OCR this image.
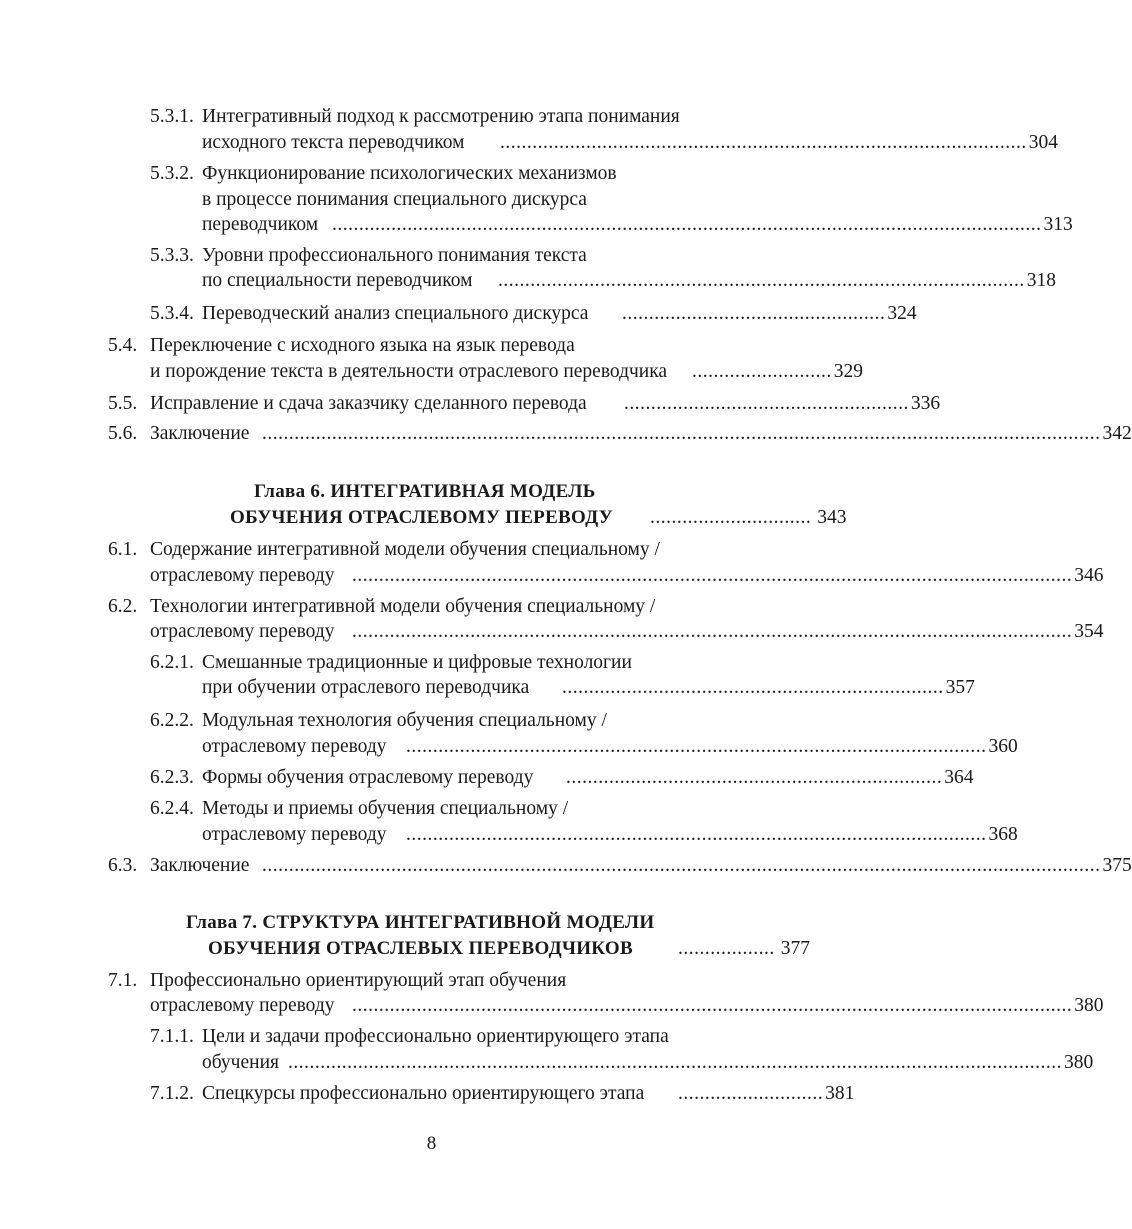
5.3.1. Интегративный подход к рассмотрению этапа понимания
исходного текста переводчиком .................................................................................................. 304
5.3.2. Функционирование психологических механизмов
в процессе понимания специального дискурса
переводчиком .................................................................................................................................... 313
5.3.3. Уровни профессионального понимания текста
по специальности переводчиком .................................................................................................. 318
5.3.4. Переводческий анализ специального дискурса ................................................. 324
5.4. Переключение с исходного языка на язык перевода
и порождение текста в деятельности отраслевого переводчика .......................... 329
5.5. Исправление и сдача заказчику сделанного перевода ..................................................... 336
5.6. Заключение ............................................................................................................................................................ 342
Глава 6. ИНТЕГРАТИВНАЯ МОДЕЛЬ
ОБУЧЕНИЯ ОТРАСЛЕВОМУ ПЕРЕВОДУ .............................. 343
6.1. Содержание интегративной модели обучения специальному /
отраслевому переводу ...................................................................................................................................... 346
6.2. Технологии интегративной модели обучения специальному /
отраслевому переводу ...................................................................................................................................... 354
6.2.1. Смешанные традиционные и цифровые технологии
при обучении отраслевого переводчика ....................................................................... 357
6.2.2. Модульная технология обучения специальному /
отраслевому переводу ............................................................................................................ 360
6.2.3. Формы обучения отраслевому переводу ...................................................................... 364
6.2.4. Методы и приемы обучения специальному /
отраслевому переводу ............................................................................................................ 368
6.3. Заключение ............................................................................................................................................................ 375
Глава 7. СТРУКТУРА ИНТЕГРАТИВНОЙ МОДЕЛИ
ОБУЧЕНИЯ ОТРАСЛЕВЫХ ПЕРЕВОДЧИКОВ .................. 377
7.1. Профессионально ориентирующий этап обучения
отраслевому переводу ...................................................................................................................................... 380
7.1.1. Цели и задачи профессионально ориентирующего этапа
обучения ................................................................................................................................................ 380
7.1.2. Спецкурсы профессионально ориентирующего этапа ........................... 381
8
